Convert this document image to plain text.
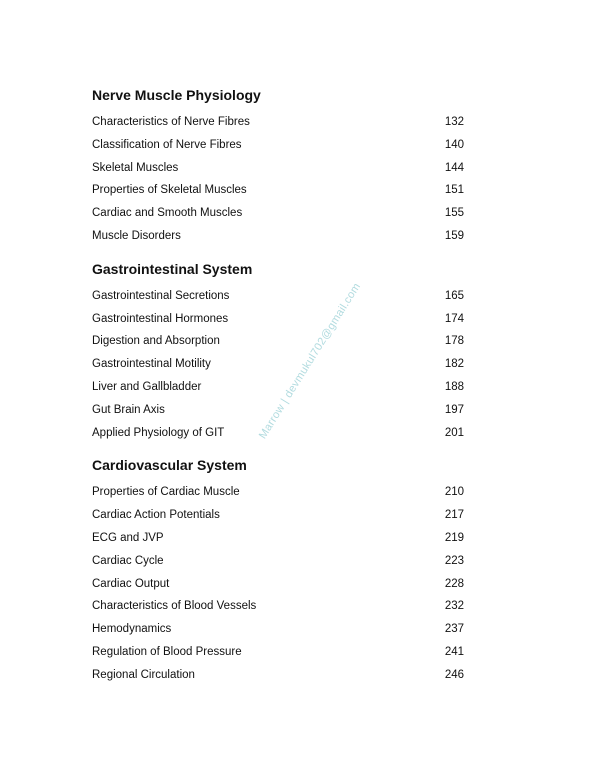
Nerve Muscle Physiology
Characteristics of Nerve Fibres	132
Classification of Nerve Fibres	140
Skeletal Muscles	144
Properties of Skeletal Muscles	151
Cardiac and Smooth Muscles	155
Muscle Disorders	159
Gastrointestinal System
Gastrointestinal Secretions	165
Gastrointestinal Hormones	174
Digestion and Absorption	178
Gastrointestinal Motility	182
Liver and Gallbladder	188
Gut Brain Axis	197
Applied Physiology of GIT	201
Cardiovascular System
Properties of Cardiac Muscle	210
Cardiac Action Potentials	217
ECG and JVP	219
Cardiac Cycle	223
Cardiac Output	228
Characteristics of Blood Vessels	232
Hemodynamics	237
Regulation of Blood Pressure	241
Regional Circulation	246
Marrow | devmukul702@gmail.com
